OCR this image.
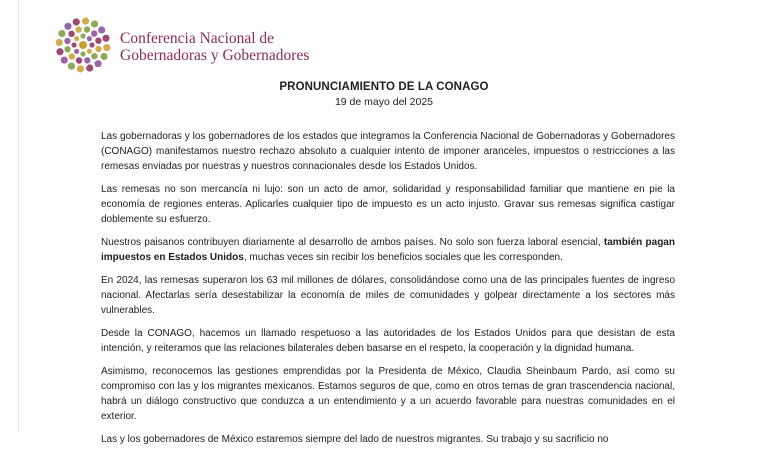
Conferencia Nacional de
Gobernadoras y Gobernadores
PRONUNCIAMIENTO DE LA CONAGO
19 de mayo del 2025

Las gobernadoras y los gobernadores de los estados que integramos la Conferencia Nacional de Gobernadoras y Gobernadores (CONAGO) manifestamos nuestro rechazo absoluto a cualquier intento de imponer aranceles, impuestos o restricciones a las remesas enviadas por nuestras y nuestros connacionales desde los Estados Unidos.

Las remesas no son mercancía ni lujo: son un acto de amor, solidaridad y responsabilidad familiar que mantiene en pie la economía de regiones enteras. Aplicarles cualquier tipo de impuesto es un acto injusto. Gravar sus remesas significa castigar doblemente su esfuerzo.

Nuestros paisanos contribuyen diariamente al desarrollo de ambos países. No solo son fuerza laboral esencial, también pagan impuestos en Estados Unidos, muchas veces sin recibir los beneficios sociales que les corresponden.

En 2024, las remesas superaron los 63 mil millones de dólares, consolidándose como una de las principales fuentes de ingreso nacional. Afectarlas sería desestabilizar la economía de miles de comunidades y golpear directamente a los sectores más vulnerables.

Desde la CONAGO, hacemos un llamado respetuoso a las autoridades de los Estados Unidos para que desistan de esta intención, y reiteramos que las relaciones bilaterales deben basarse en el respeto, la cooperación y la dignidad humana.

Asimismo, reconocemos las gestiones emprendidas por la Presidenta de México, Claudia Sheinbaum Pardo, así como su compromiso con las y los migrantes mexicanos. Estamos seguros de que, como en otros temas de gran trascendencia nacional, habrá un diálogo constructivo que conduzca a un entendimiento y a un acuerdo favorable para nuestras comunidades en el exterior.

Las y los gobernadores de México estaremos siempre del lado de nuestros migrantes. Su trabajo y su sacrificio no
